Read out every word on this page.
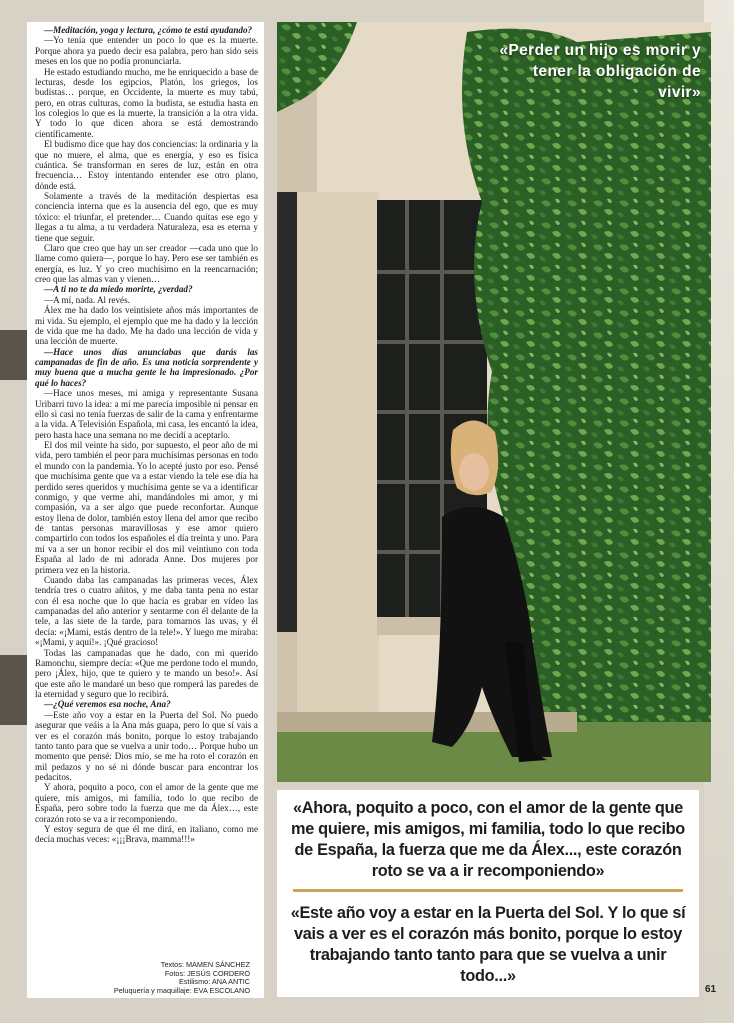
—Meditación, yoga y lectura, ¿cómo te está ayudando?

—Yo tenía que entender un poco lo que es la muerte. Porque ahora ya puedo decir esa palabra, pero han sido seis meses en los que no podía pronunciarla.

He estado estudiando mucho, me he enriquecido a base de lecturas, desde los egipcios, Platón, los griegos, los budistas… porque, en Occidente, la muerte es muy tabú, pero, en otras culturas, como la budista, se estudia hasta en los colegios lo que es la muerte, la transición a la otra vida. Y todo lo que dicen ahora se está demostrando científicamente.

El budismo dice que hay dos conciencias: la ordinaria y la que no muere, el alma, que es energía, y eso es física cuántica. Se transforman en seres de luz, están en otra frecuencia… Estoy intentando entender ese otro plano, dónde está.

Solamente a través de la meditación despiertas esa conciencia interna que es la ausencia del ego, que es muy tóxico: el triunfar, el pretender… Cuando quitas ese ego y llegas a tu alma, a tu verdadera Naturaleza, esa es eterna y tiene que seguir.

Claro que creo que hay un ser creador —cada uno que lo llame como quiera—, porque lo hay. Pero ese ser también es energía, es luz. Y yo creo muchísimo en la reencarnación; creo que las almas van y vienen…

—A ti no te da miedo morirte, ¿verdad?

—A mí, nada. Al revés.

Álex me ha dado los veintisiete años más importantes de mi vida. Su ejemplo, el ejemplo que me ha dado y la lección de vida que me ha dado. Me ha dado una lección de vida y una lección de muerte.

—Hace unos días anunciabas que darás las campanadas de fin de año. Es una noticia sorprendente y muy buena que a mucha gente le ha impresionado. ¿Por qué lo haces?

—Hace unos meses, mi amiga y representante Susana Uribarri tuvo la idea: a mí me parecía imposible ni pensar en ello si casi no tenía fuerzas de salir de la cama y enfrentarme a la vida. A Televisión Española, mi casa, les encantó la idea, pero hasta hace una semana no me decidí a aceptarlo.

El dos mil veinte ha sido, por supuesto, el peor año de mi vida, pero también el peor para muchísimas personas en todo el mundo con la pandemia. Yo lo acepté justo por eso. Pensé que muchísima gente que va a estar viendo la tele ese día ha perdido seres queridos y muchísima gente se va a identificar conmigo, y que verme ahí, mandándoles mi amor, y mi compasión, va a ser algo que puede reconfortar. Aunque estoy llena de dolor, también estoy llena del amor que recibo de tantas personas maravillosas y ese amor quiero compartirlo con todos los españoles el día treinta y uno. Para mí va a ser un honor recibir el dos mil veintiuno con toda España al lado de mi adorada Anne. Dos mujeres por primera vez en la historia.

Cuando daba las campanadas las primeras veces, Álex tendría tres o cuatro añitos, y me daba tanta pena no estar con él esa noche que lo que hacía es grabar en vídeo las campanadas del año anterior y sentarme con él delante de la tele, a las siete de la tarde, para tomarnos las uvas, y él decía: «¡Mami, estás dentro de la tele!». Y luego me miraba: «¡Mami, y aquí!». ¡Qué gracioso!

Todas las campanadas que he dado, con mi querido Ramonchu, siempre decía: «Que me perdone todo el mundo, pero ¡Álex, hijo, que te quiero y te mando un beso!». Así que este año le mandaré un beso que romperá las paredes de la eternidad y seguro que lo recibirá.

—¿Qué veremos esa noche, Ana?

—Este año voy a estar en la Puerta del Sol. No puedo asegurar que veáis a la Ana más guapa, pero lo que sí vais a ver es el corazón más bonito, porque lo estoy trabajando tanto tanto para que se vuelva a unir todo… Porque hubo un momento que pensé: Dios mío, se me ha roto el corazón en mil pedazos y no sé ni dónde buscar para encontrar los pedacitos.

Y ahora, poquito a poco, con el amor de la gente que me quiere, mis amigos, mi familia, todo lo que recibo de España, pero sobre todo la fuerza que me da Álex…, este corazón roto se va a ir recomponiendo.

Y estoy segura de que él me dirá, en italiano, como me decía muchas veces: «¡¡¡Brava, mamma!!!»

Textos: MAMEN SÁNCHEZ
Fotos: JESÚS CORDERO
Estilismo: ANA ANTIC
Peluquería y maquillaje: EVA ESCOLANO
«Perder un hijo es morir y tener la obligación de vivir»
«Ahora, poquito a poco, con el amor de la gente que me quiere, mis amigos, mi familia, todo lo que recibo de España, la fuerza que me da Álex..., este corazón roto se va a ir recomponiendo»
«Este año voy a estar en la Puerta del Sol. Y lo que sí vais a ver es el corazón más bonito, porque lo estoy trabajando tanto tanto para que se vuelva a unir todo...»
61
